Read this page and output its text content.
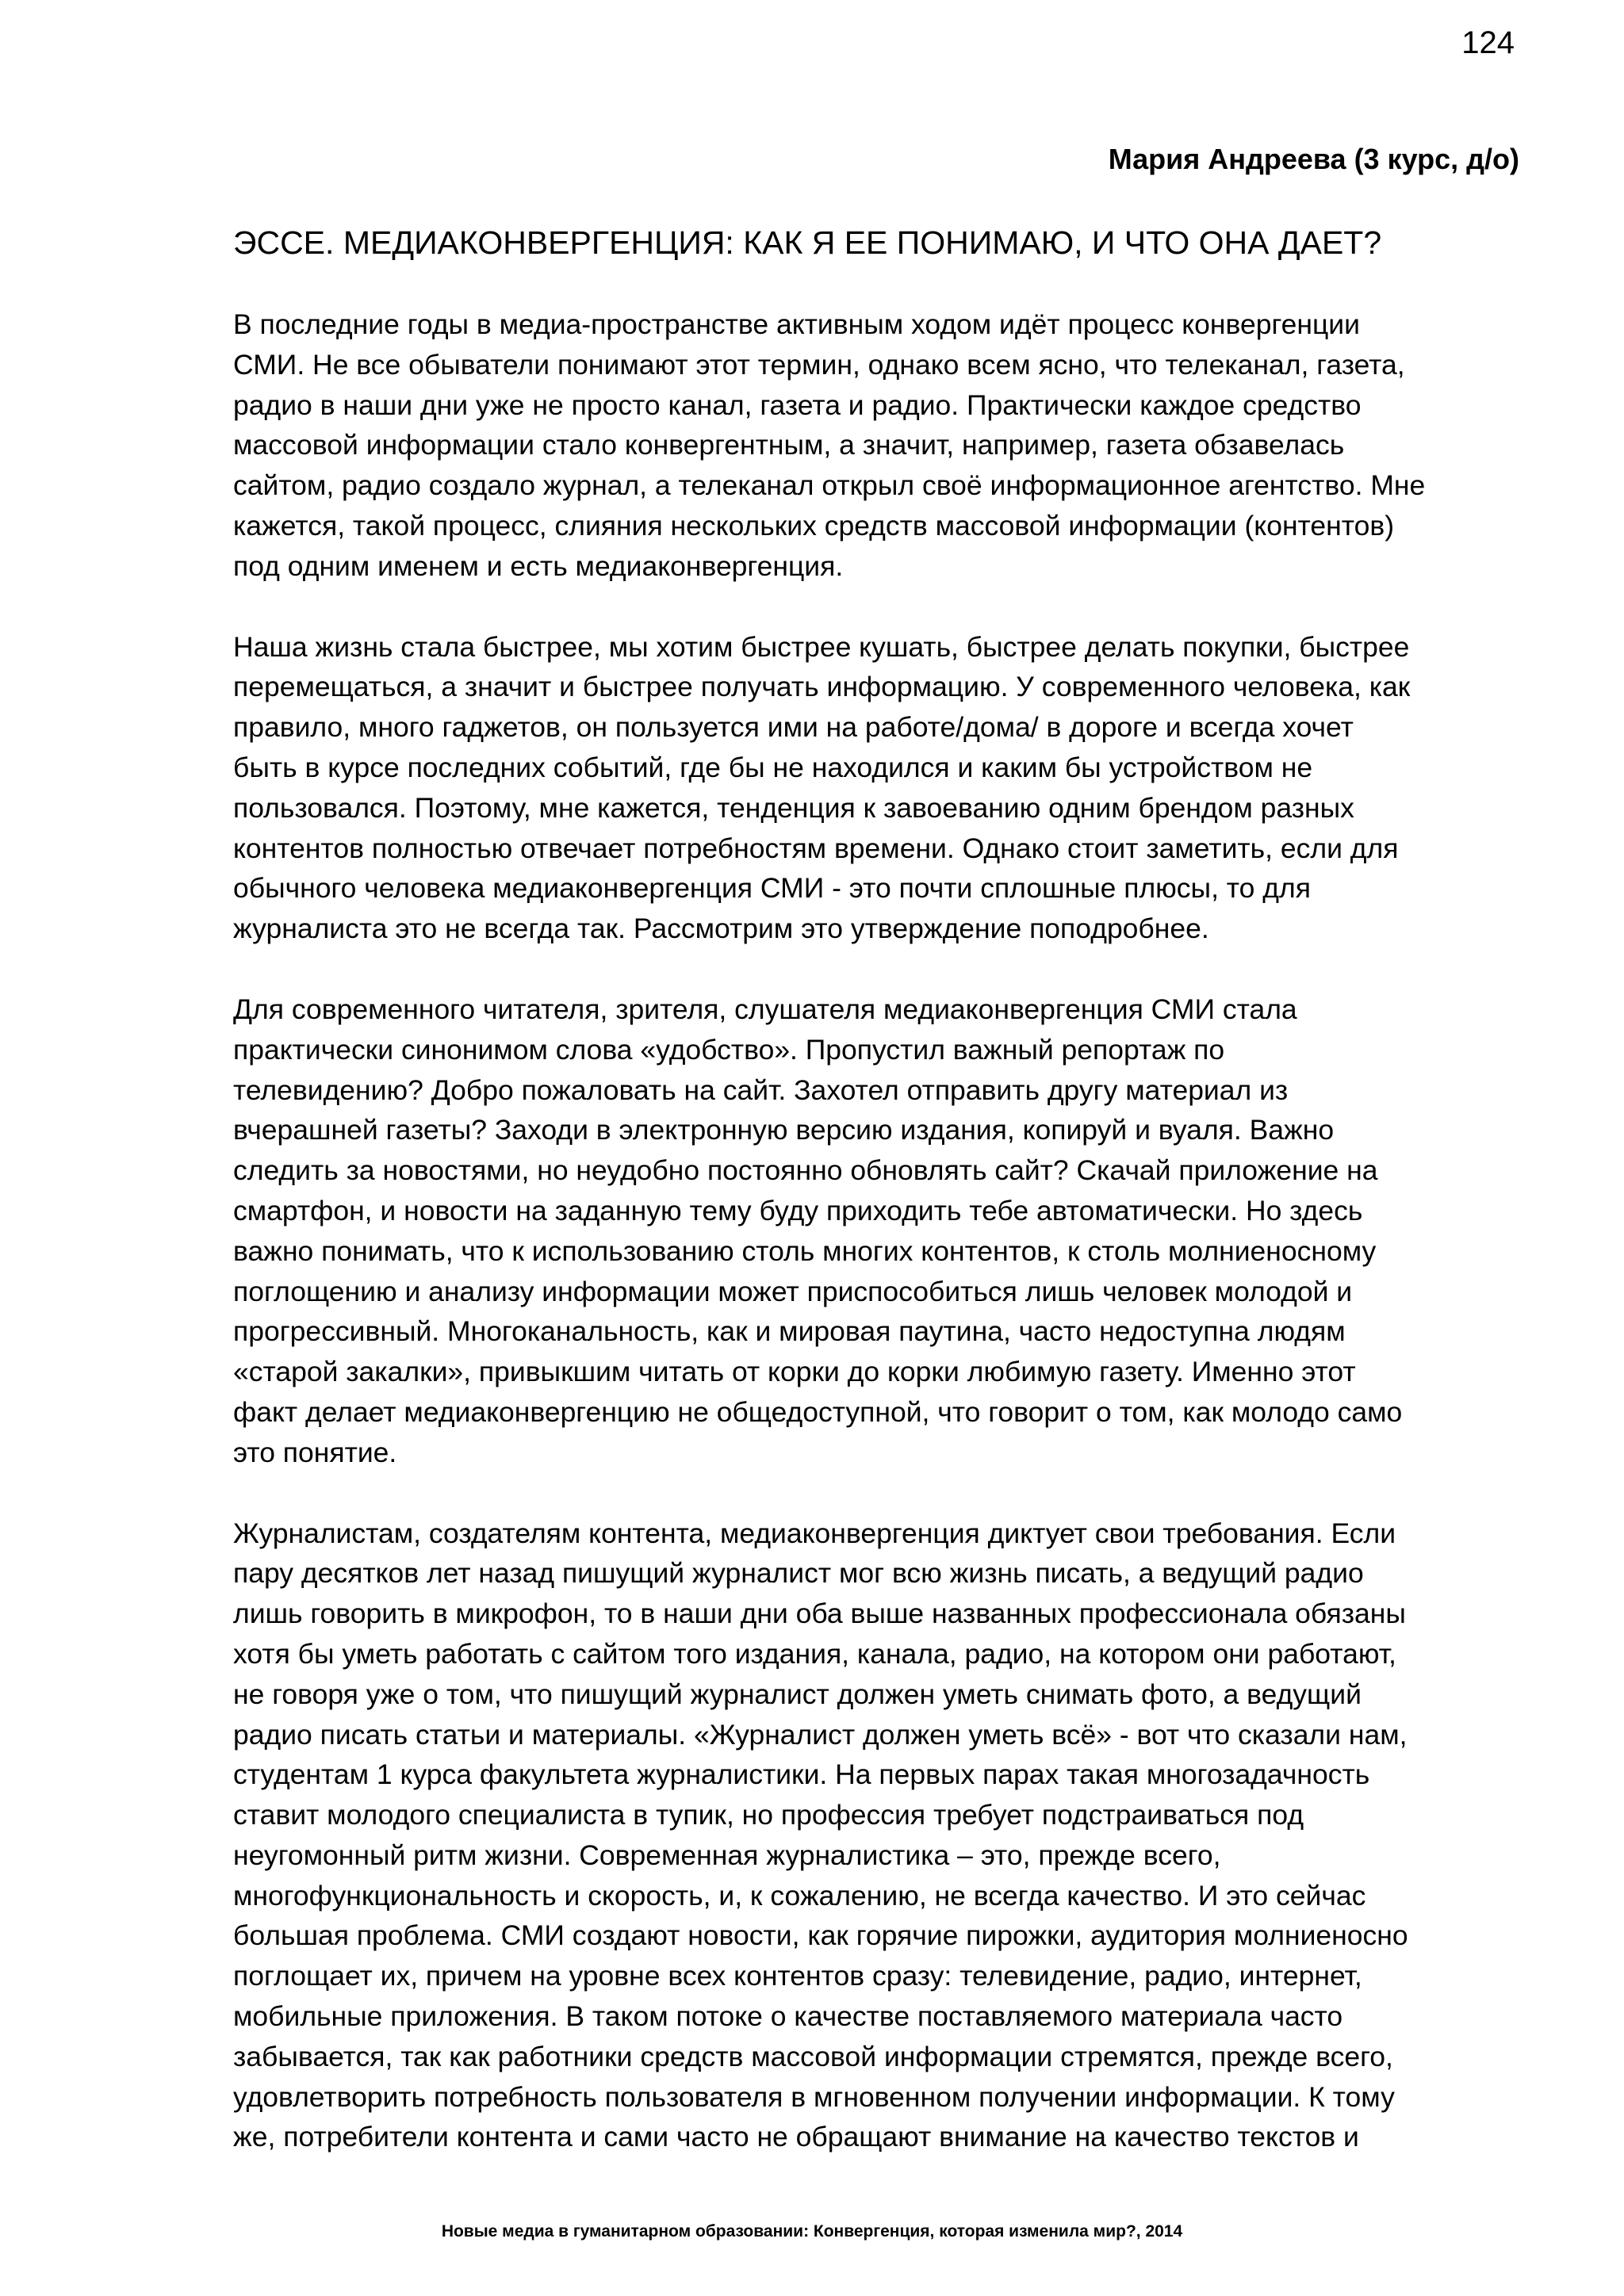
124
Мария Андреева (3 курс, д/о)
ЭССЕ. МЕДИАКОНВЕРГЕНЦИЯ: КАК Я ЕЕ ПОНИМАЮ, И ЧТО ОНА ДАЕТ?
В последние годы в медиа-пространстве активным ходом идёт процесс конвергенции
СМИ. Не все обыватели понимают этот термин, однако всем ясно, что телеканал, газета,
радио в наши дни уже не просто канал, газета и радио. Практически каждое средство
массовой информации стало конвергентным, а значит, например, газета обзавелась
сайтом, радио создало журнал, а телеканал открыл своё информационное агентство. Мне
кажется, такой процесс, слияния нескольких средств массовой информации (контентов)
под одним именем и есть медиаконвергенция.
Наша жизнь стала быстрее, мы хотим быстрее кушать, быстрее делать покупки, быстрее
перемещаться, а значит и быстрее получать информацию. У современного человека, как
правило, много гаджетов, он пользуется ими на работе/дома/ в дороге и всегда хочет
быть в курсе последних событий, где бы не находился и каким бы устройством не
пользовался. Поэтому, мне кажется, тенденция к завоеванию одним брендом разных
контентов полностью отвечает потребностям времени. Однако стоит заметить, если для
обычного человека медиаконвергенция СМИ - это почти сплошные плюсы, то для
журналиста это не всегда так. Рассмотрим это утверждение поподробнее.
Для современного читателя, зрителя, слушателя медиаконвергенция СМИ стала
практически синонимом слова «удобство». Пропустил важный репортаж по
телевидению? Добро пожаловать на сайт. Захотел отправить другу материал из
вчерашней газеты? Заходи в электронную версию издания, копируй и вуаля. Важно
следить за новостями, но неудобно постоянно обновлять сайт? Скачай приложение на
смартфон, и новости на заданную тему буду приходить тебе автоматически. Но здесь
важно понимать, что к использованию столь многих контентов, к столь молниеносному
поглощению и анализу информации может приспособиться лишь человек молодой и
прогрессивный. Многоканальность, как и мировая паутина, часто недоступна людям
«старой закалки», привыкшим читать от корки до корки любимую газету. Именно этот
факт делает медиаконвергенцию не общедоступной, что говорит о том, как молодо само
это понятие.
Журналистам, создателям контента, медиаконвергенция диктует свои требования. Если
пару десятков лет назад пишущий журналист мог всю жизнь писать, а ведущий радио
лишь говорить в микрофон, то в наши дни оба выше названных профессионала обязаны
хотя бы уметь работать с сайтом того издания, канала, радио, на котором они работают,
не говоря уже о том, что пишущий журналист должен уметь снимать фото, а ведущий
радио писать статьи и материалы. «Журналист должен уметь всё» - вот что сказали нам,
студентам 1 курса факультета журналистики. На первых парах такая многозадачность
ставит молодого специалиста в тупик, но профессия требует подстраиваться под
неугомонный ритм жизни. Современная журналистика – это, прежде всего,
многофункциональность и скорость, и, к сожалению, не всегда качество. И это сейчас
большая проблема. СМИ создают новости, как горячие пирожки, аудитория молниеносно
поглощает их, причем на уровне всех контентов сразу: телевидение, радио, интернет,
мобильные приложения. В таком потоке о качестве поставляемого материала часто
забывается, так как работники средств массовой информации стремятся, прежде всего,
удовлетворить потребность пользователя в мгновенном получении информации. К тому
же, потребители контента и сами часто не обращают внимание на качество текстов и
Новые медиа в гуманитарном образовании: Конвергенция, которая изменила мир?, 2014
